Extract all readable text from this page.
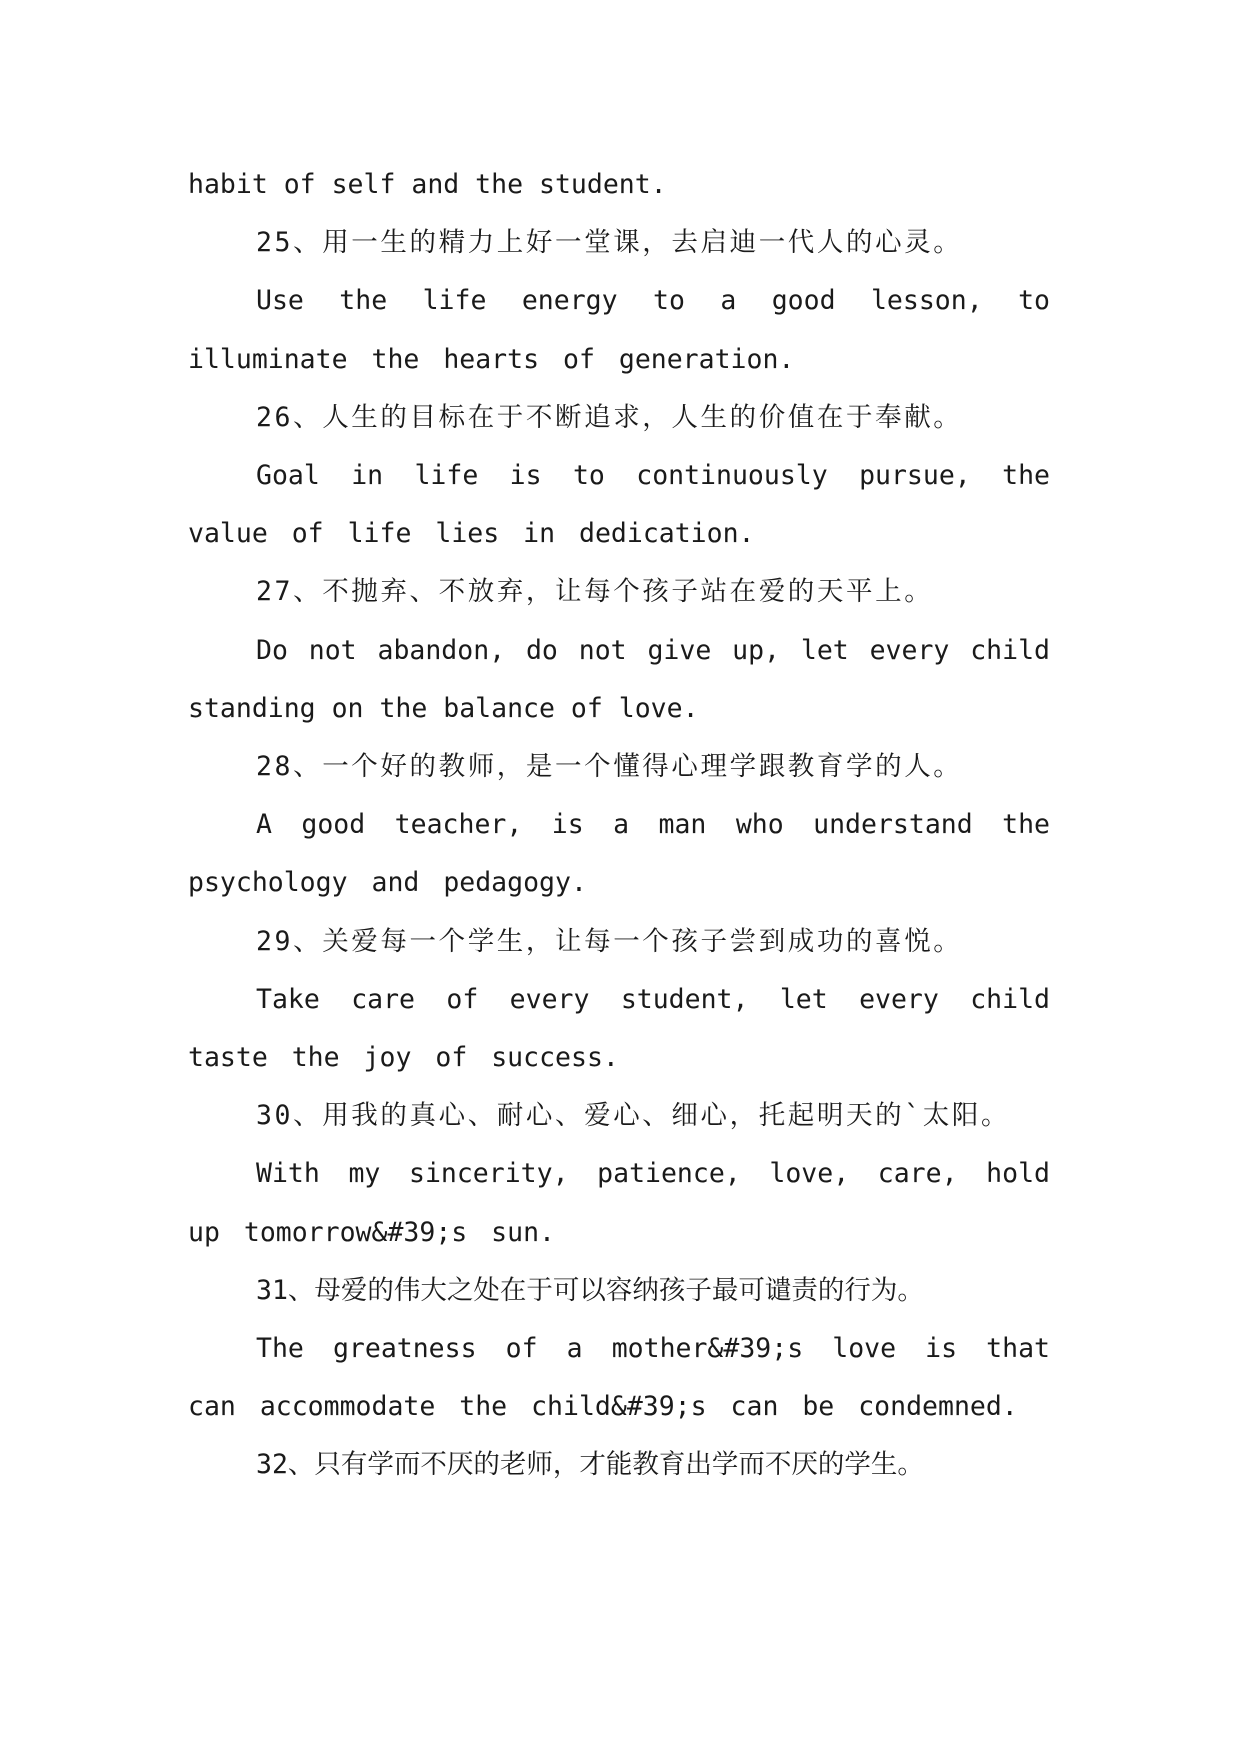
habit of self and the student.

25、用一生的精力上好一堂课，去启迪一代人的心灵。

Use the life energy to a good lesson, to illuminate the hearts of generation.

26、人生的目标在于不断追求，人生的价值在于奉献。

Goal in life is to continuously pursue, the value of life lies in dedication.

27、不抛弃、不放弃，让每个孩子站在爱的天平上。

Do not abandon, do not give up, let every child standing on the balance of love.

28、一个好的教师，是一个懂得心理学跟教育学的人。

A good teacher, is a man who understand the psychology and pedagogy.

29、关爱每一个学生，让每一个孩子尝到成功的喜悦。

Take care of every student, let every child taste the joy of success.

30、用我的真心、耐心、爱心、细心，托起明天的`太阳。

With my sincerity, patience, love, care, hold up tomorrow&#39;s sun.

31、母爱的伟大之处在于可以容纳孩子最可谴责的行为。

The greatness of a mother&#39;s love is that can accommodate the child&#39;s can be condemned.

32、只有学而不厌的老师，才能教育出学而不厌的学生。
